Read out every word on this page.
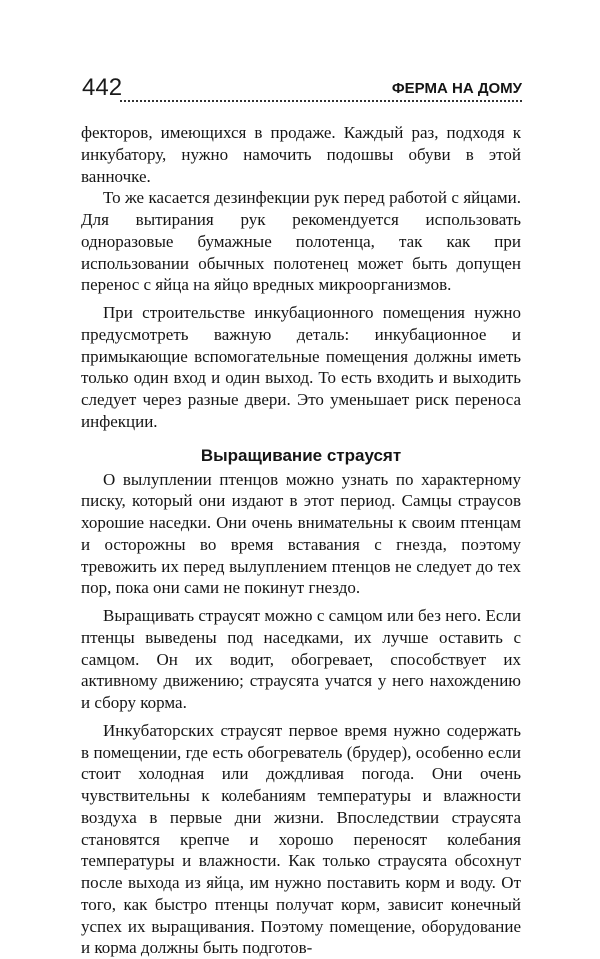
442	ФЕРМА НА ДОМУ

фекторов, имеющихся в продаже. Каждый раз, подходя к инкубатору, нужно намочить подошвы обуви в этой ванночке.

То же касается дезинфекции рук перед работой с яйцами. Для вытирания рук рекомендуется использовать одноразовые бумажные полотенца, так как при использовании обычных полотенец может быть допущен перенос с яйца на яйцо вредных микроорганизмов.

При строительстве инкубационного помещения нужно предусмотреть важную деталь: инкубационное и примыкающие вспомогательные помещения должны иметь только один вход и один выход. То есть входить и выходить следует через разные двери. Это уменьшает риск переноса инфекции.

Выращивание страусят

О вылуплении птенцов можно узнать по характерному писку, который они издают в этот период. Самцы страусов хорошие наседки. Они очень внимательны к своим птенцам и осторожны во время вставания с гнезда, поэтому тревожить их перед вылуплением птенцов не следует до тех пор, пока они сами не покинут гнездо.

Выращивать страусят можно с самцом или без него. Если птенцы выведены под наседками, их лучше оставить с самцом. Он их водит, обогревает, способствует их активному движению; страусята учатся у него нахождению и сбору корма.

Инкубаторских страусят первое время нужно содержать в помещении, где есть обогреватель (брудер), особенно если стоит холодная или дождливая погода. Они очень чувствительны к колебаниям температуры и влажности воздуха в первые дни жизни. Впоследствии страусята становятся крепче и хорошо переносят колебания температуры и влажности. Как только страусята обсохнут после выхода из яйца, им нужно поставить корм и воду. От того, как быстро птенцы получат корм, зависит конечный успех их выращивания. Поэтому помещение, оборудование и корма должны быть подготов-
